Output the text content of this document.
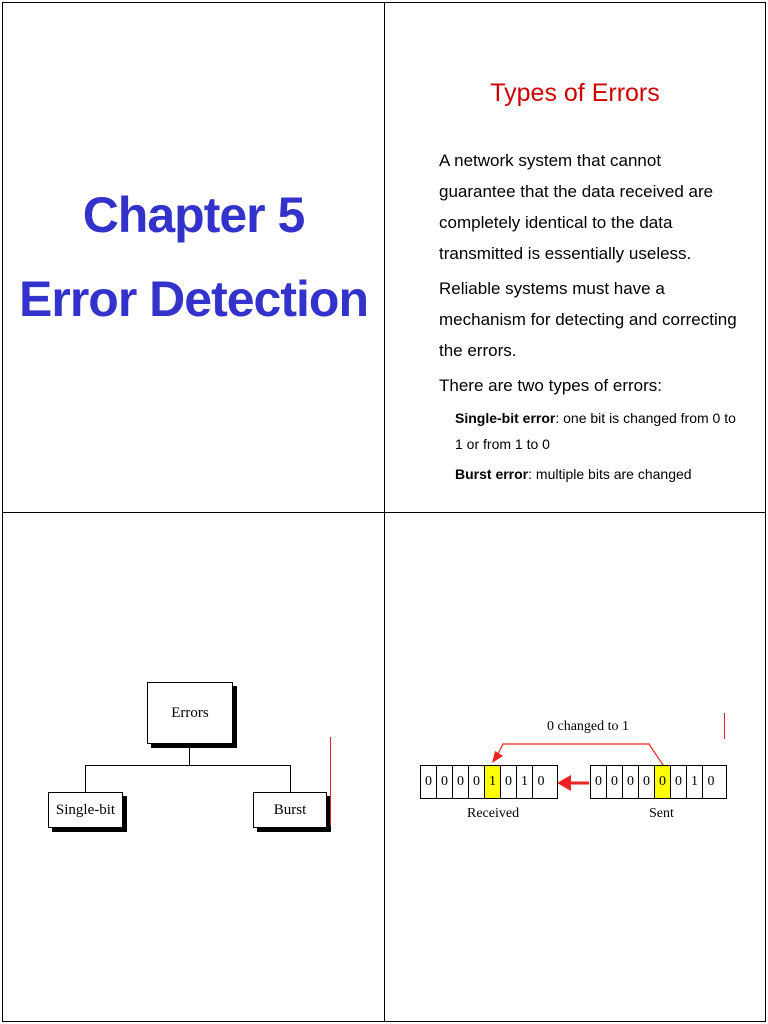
Chapter 5
Error Detection
Types of Errors

A network system that cannot guarantee that the data received are completely identical to the data transmitted is essentially useless.

Reliable systems must have a mechanism for detecting and correcting the errors.

There are two types of errors:

Single-bit error: one bit is changed from 0 to 1 or from 1 to 0

Burst error: multiple bits are changed

Errors
Single-bit	Burst
0 changed to 1
0 0 0 0 1 0 1 0	0 0 0 0 0 0 1 0
Received	Sent
